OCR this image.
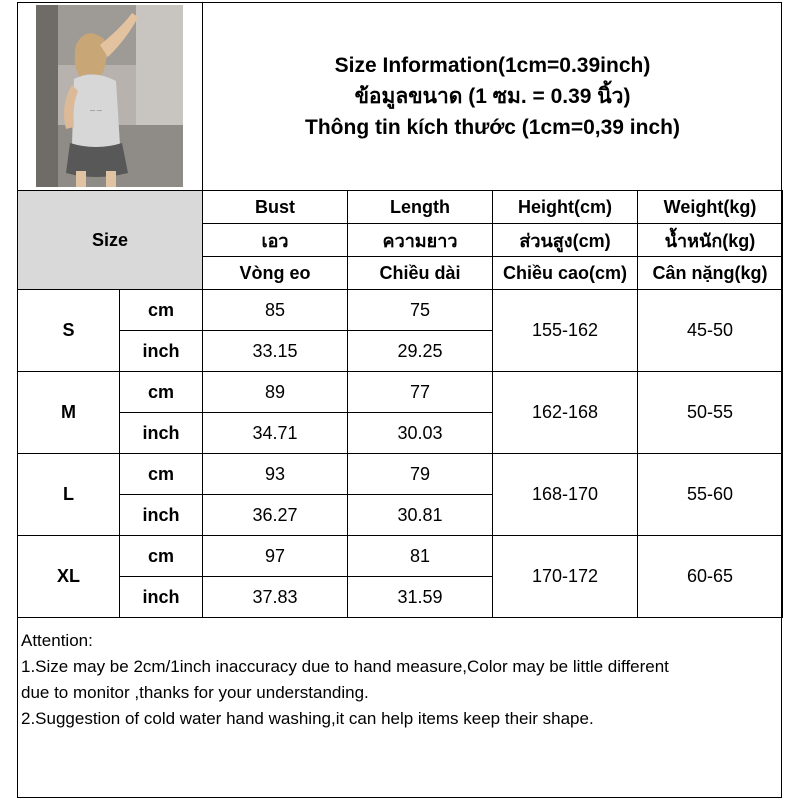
~~
Size Information(1cm=0.39inch)
ข้อมูลขนาด (1 ซม. = 0.39 นิ้ว)
Thông tin kích thước (1cm=0,39 inch)
Size		Bust	Length	Height(cm)	Weight(kg)
		เอว	ความยาว	ส่วนสูง(cm)	น้ำหนัก(kg)
		Vòng eo	Chiều dài	Chiều cao(cm)	Cân nặng(kg)
S	cm	85	75	155-162	45-50
	inch	33.15	29.25		
M	cm	89	77	162-168	50-55
	inch	34.71	30.03		
L	cm	93	79	168-170	55-60
	inch	36.27	30.81		
XL	cm	97	81	170-172	60-65
	inch	37.83	31.59		

Attention:

1.Size may be 2cm/1inch inaccuracy due to hand measure,Color may be little different

due to monitor ,thanks for your understanding.

2.Suggestion of cold water hand washing,it can help items keep their shape.
